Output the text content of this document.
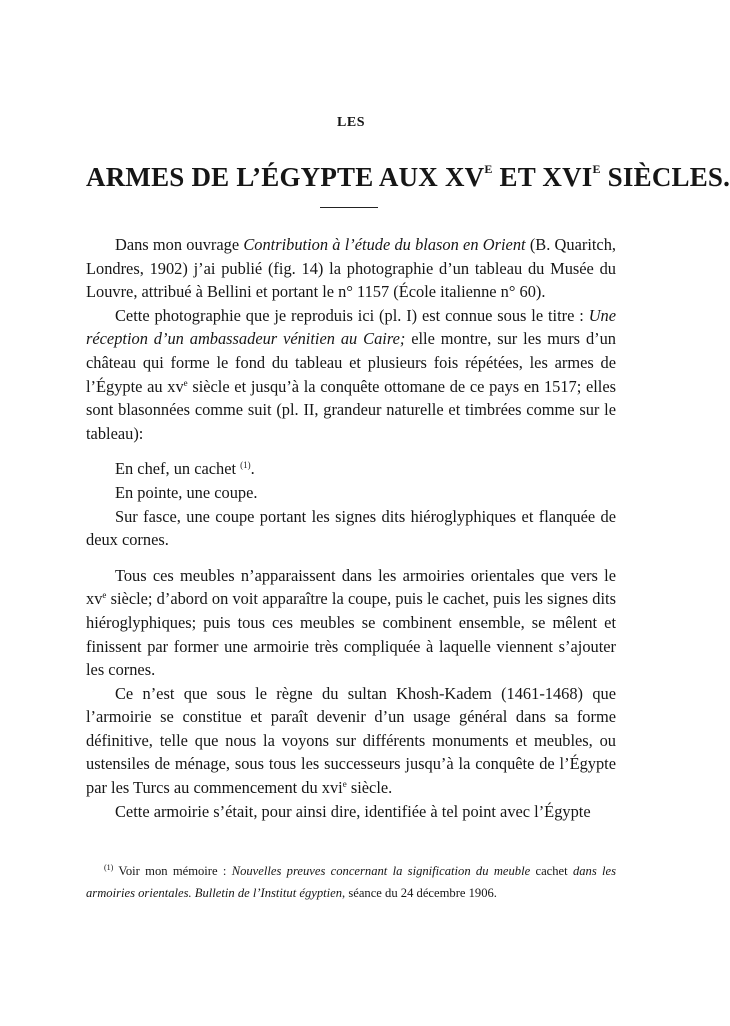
LES
ARMES DE L’ÉGYPTE AUX $XV^E$ ET $XVI^E$ SIÈCLES.

Dans mon ouvrage Contribution à l’étude du blason en Orient (B. Quaritch, Londres, 1902) j’ai publié (fig. 14) la photographie d’un tableau du Musée du Louvre, attribué à Bellini et portant le n° 1157 (École italienne n° 60).

Cette photographie que je reproduis ici (pl. I) est connue sous le titre : Une réception d’un ambassadeur vénitien au Caire; elle montre, sur les murs d’un château qui forme le fond du tableau et plusieurs fois répétées, les armes de l’Égypte au $xv^e$ siècle et jusqu’à la conquête ottomane de ce pays en 1517; elles sont blasonnées comme suit (pl. II, grandeur naturelle et timbrées comme sur le tableau):

En chef, un cachet $^{(1)}$.

En pointe, une coupe.

Sur fasce, une coupe portant les signes dits hiéroglyphiques et flanquée de deux cornes.

Tous ces meubles n’apparaissent dans les armoiries orientales que vers le $xv^e$ siècle; d’abord on voit apparaître la coupe, puis le cachet, puis les signes dits hiéroglyphiques; puis tous ces meubles se combinent ensemble, se mêlent et finissent par former une armoirie très compliquée à laquelle viennent s’ajouter les cornes.

Ce n’est que sous le règne du sultan Khosh-Kadem (1461-1468) que l’armoirie se constitue et paraît devenir d’un usage général dans sa forme définitive, telle que nous la voyons sur différents monuments et meubles, ou ustensiles de ménage, sous tous les successeurs jusqu’à la conquête de l’Égypte par les Turcs au commencement du xvi$^e$ siècle.

Cette armoirie s’était, pour ainsi dire, identifiée à tel point avec l’Égypte

$^{(1)}$ Voir mon mémoire : Nouvelles preuves concernant la signification du meuble cachet dans les armoiries orientales. Bulletin de l’Institut égyptien, séance du 24 décembre 1906.
